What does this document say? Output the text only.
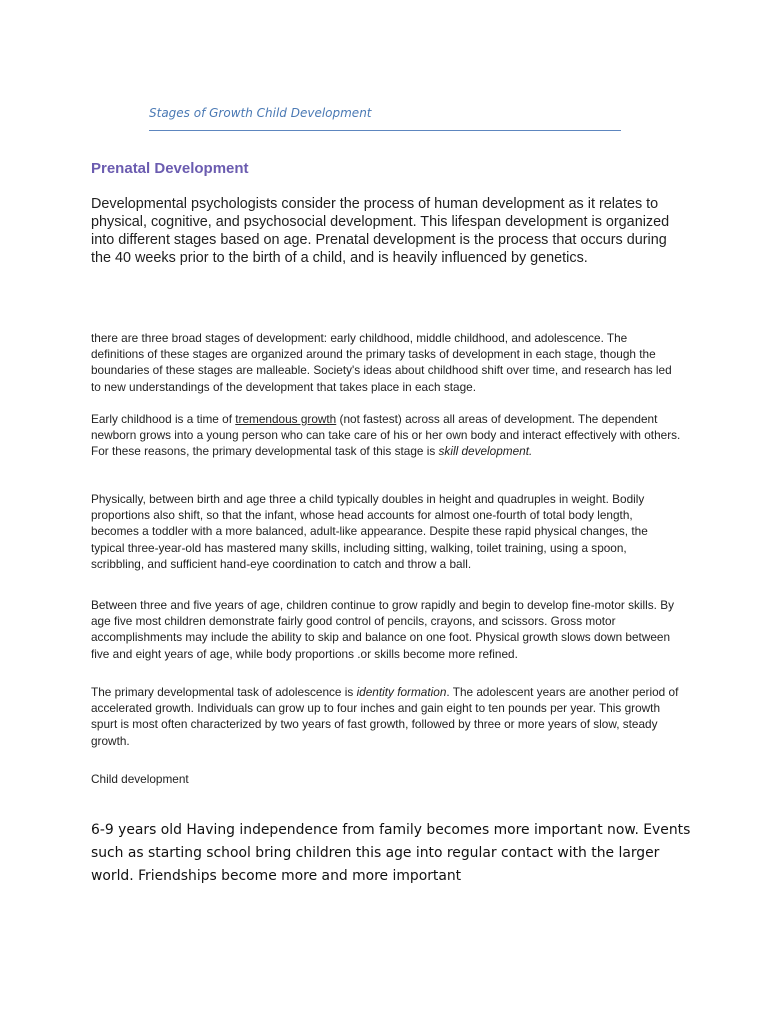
Stages of Growth Child Development

Prenatal Development

Developmental psychologists consider the process of human development as it relates to physical, cognitive, and psychosocial development. This lifespan development is organized into different stages based on age. Prenatal development is the process that occurs during the 40 weeks prior to the birth of a child, and is heavily influenced by genetics.

there are three broad stages of development: early childhood, middle childhood, and adolescence. The definitions of these stages are organized around the primary tasks of development in each stage, though the boundaries of these stages are malleable. Society's ideas about childhood shift over time, and research has led to new understandings of the development that takes place in each stage.

Early childhood is a time of tremendous growth (not fastest) across all areas of development. The dependent newborn grows into a young person who can take care of his or her own body and interact effectively with others. For these reasons, the primary developmental task of this stage is skill development.

Physically, between birth and age three a child typically doubles in height and quadruples in weight. Bodily proportions also shift, so that the infant, whose head accounts for almost one-fourth of total body length, becomes a toddler with a more balanced, adult-like appearance. Despite these rapid physical changes, the typical three-year-old has mastered many skills, including sitting, walking, toilet training, using a spoon, scribbling, and sufficient hand-eye coordination to catch and throw a ball.

Between three and five years of age, children continue to grow rapidly and begin to develop fine-motor skills. By age five most children demonstrate fairly good control of pencils, crayons, and scissors. Gross motor accomplishments may include the ability to skip and balance on one foot. Physical growth slows down between five and eight years of age, while body proportions .or skills become more refined.

The primary developmental task of adolescence is identity formation. The adolescent years are another period of accelerated growth. Individuals can grow up to four inches and gain eight to ten pounds per year. This growth spurt is most often characterized by two years of fast growth, followed by three or more years of slow, steady growth.

Child development

6-9 years old Having independence from family becomes more important now. Events such as starting school bring children this age into regular contact with the larger world. Friendships become more and more important
